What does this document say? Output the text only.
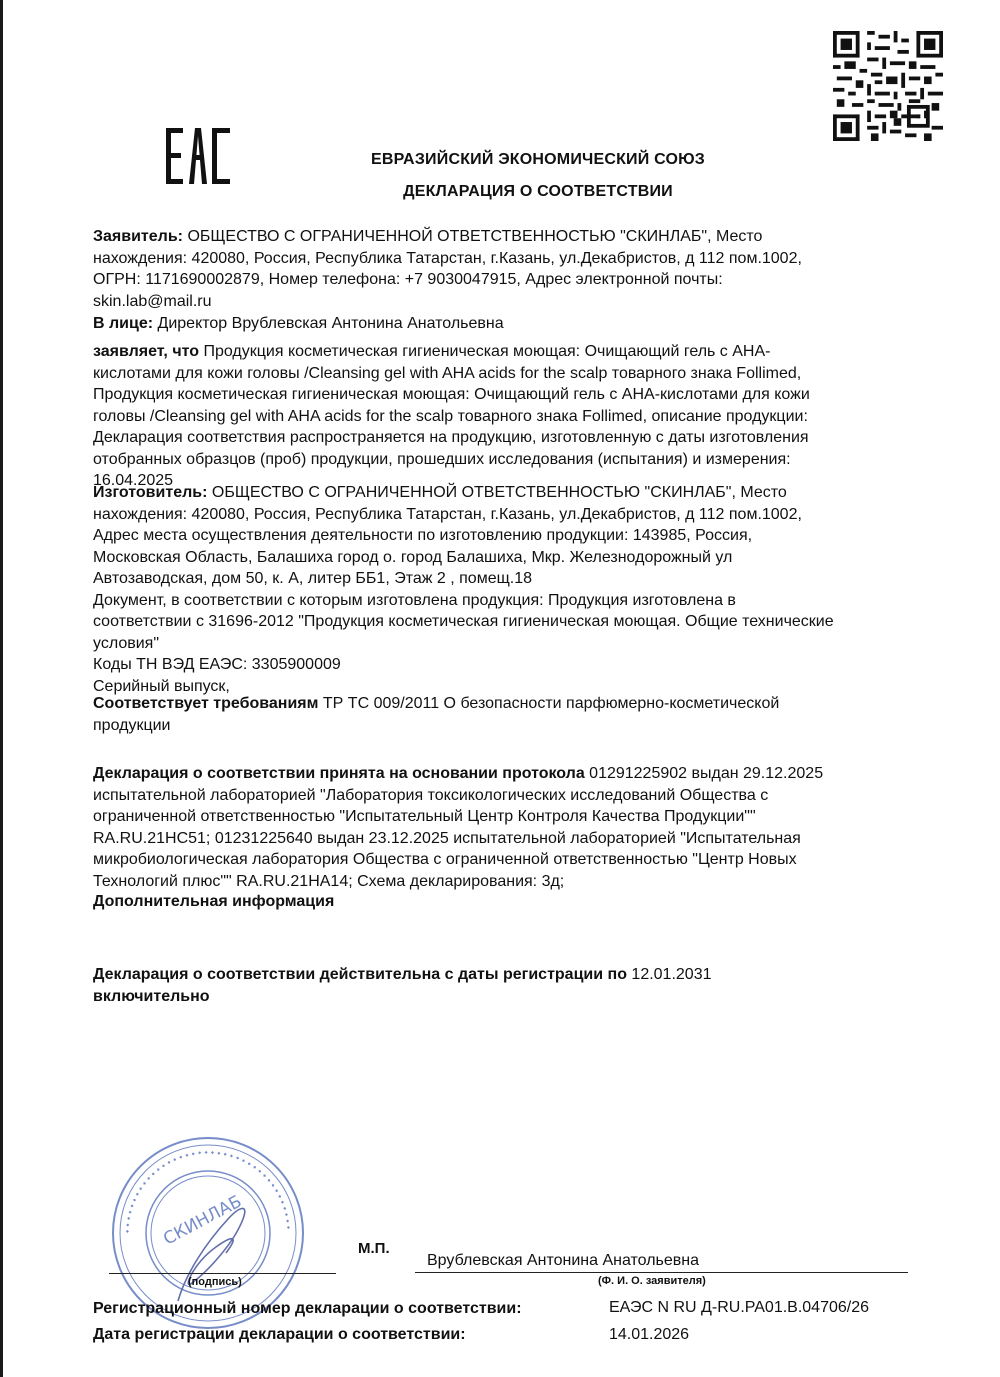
ЕВРАЗИЙСКИЙ ЭКОНОМИЧЕСКИЙ СОЮЗ
ДЕКЛАРАЦИЯ О СООТВЕТСТВИИ
Заявитель: ОБЩЕСТВО С ОГРАНИЧЕННОЙ ОТВЕТСТВЕННОСТЬЮ "СКИНЛАБ", Место
нахождения: 420080, Россия, Республика Татарстан, г.Казань, ул.Декабристов, д 112 пом.1002,
ОГРН: 1171690002879, Номер телефона: +7 9030047915, Адрес электронной почты:
skin.lab@mail.ru
В лице: Директор Врублевская Антонина Анатольевна
заявляет, что Продукция косметическая гигиеническая моющая: Очищающий гель с АНА-
кислотами для кожи головы /Cleansing gel with AHA acids for the scalp товарного знака Follimed,
Продукция косметическая гигиеническая моющая: Очищающий гель с АНА-кислотами для кожи
головы /Cleansing gel with AHA acids for the scalp товарного знака Follimed, описание продукции:
Декларация соответствия распространяется на продукцию, изготовленную с даты изготовления
отобранных образцов (проб) продукции, прошедших исследования (испытания) и измерения:
16.04.2025
Изготовитель: ОБЩЕСТВО С ОГРАНИЧЕННОЙ ОТВЕТСТВЕННОСТЬЮ "СКИНЛАБ", Место
нахождения: 420080, Россия, Республика Татарстан, г.Казань, ул.Декабристов, д 112 пом.1002,
Адрес места осуществления деятельности по изготовлению продукции: 143985, Россия,
Московская Область, Балашиха город о. город Балашиха, Мкр. Железнодорожный ул
Автозаводская, дом 50, к. А, литер ББ1, Этаж 2 , помещ.18
Документ, в соответствии с которым изготовлена продукция: Продукция изготовлена в
соответствии с 31696-2012 "Продукция косметическая гигиеническая моющая. Общие технические
условия"
Коды ТН ВЭД ЕАЭС: 3305900009
Серийный выпуск,
Соответствует требованиям ТР ТС 009/2011 О безопасности парфюмерно-косметической
продукции
Декларация о соответствии принята на основании протокола 01291225902 выдан 29.12.2025
испытательной лабораторией "Лаборатория токсикологических исследований Общества с
ограниченной ответственностью "Испытательный Центр Контроля Качества Продукции""
RA.RU.21НС51; 01231225640 выдан 23.12.2025 испытательной лабораторией "Испытательная
микробиологическая лаборатория Общества с ограниченной ответственностью "Центр Новых
Технологий плюс"" RA.RU.21НА14; Схема декларирования: 3д;
Дополнительная информация
Декларация о соответствии действительна с даты регистрации по 12.01.2031
включительно
⬩⬩⬩⬩⬩⬩⬩⬩⬩⬩⬩⬩⬩⬩⬩⬩⬩⬩⬩⬩⬩⬩⬩⬩⬩⬩⬩⬩⬩⬩⬩⬩⬩⬩⬩⬩⬩⬩⬩
СКИНЛАБ	М.П.
(подпись)
Врублевская Антонина Анатольевна
(Ф. И. О. заявителя)
Регистрационный номер декларации о соответствии:	ЕАЭС N RU Д-RU.PA01.B.04706/26
Дата регистрации декларации о соответствии:	14.01.2026
